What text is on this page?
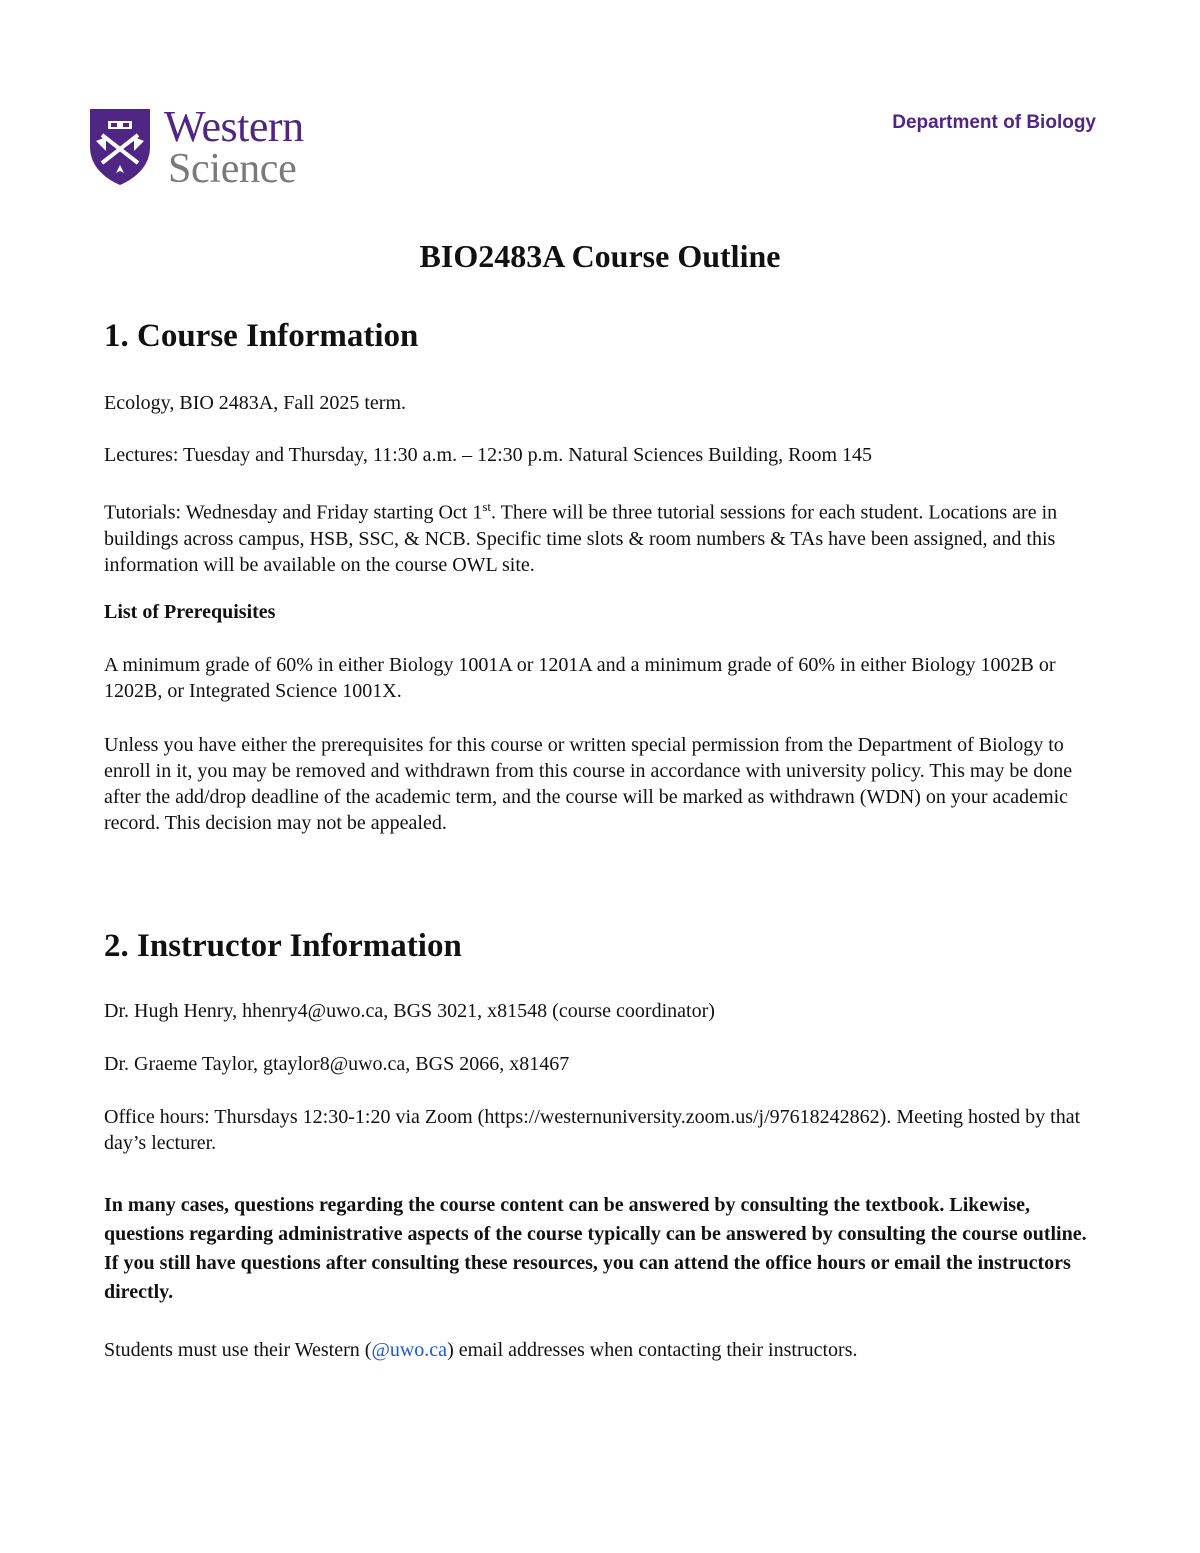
Western
Science
Department of Biology
BIO2483A Course Outline
1. Course Information

Ecology, BIO 2483A, Fall 2025 term.

Lectures: Tuesday and Thursday, 11:30 a.m. – 12:30 p.m. Natural Sciences Building, Room 145

Tutorials: Wednesday and Friday starting Oct 1st. There will be three tutorial sessions for each student. Locations are in buildings across campus, HSB, SSC, & NCB. Specific time slots & room numbers & TAs have been assigned, and this information will be available on the course OWL site.

List of Prerequisites

A minimum grade of 60% in either Biology 1001A or 1201A and a minimum grade of 60% in either Biology 1002B or 1202B, or Integrated Science 1001X.

Unless you have either the prerequisites for this course or written special permission from the Department of Biology to enroll in it, you may be removed and withdrawn from this course in accordance with university policy. This may be done after the add/drop deadline of the academic term, and the course will be marked as withdrawn (WDN) on your academic record. This decision may not be appealed.

2. Instructor Information

Dr. Hugh Henry, hhenry4@uwo.ca, BGS 3021, x81548 (course coordinator)

Dr. Graeme Taylor, gtaylor8@uwo.ca, BGS 2066, x81467

Office hours: Thursdays 12:30-1:20 via Zoom (https://westernuniversity.zoom.us/j/97618242862). Meeting hosted by that day’s lecturer.

In many cases, questions regarding the course content can be answered by consulting the textbook. Likewise, questions regarding administrative aspects of the course typically can be answered by consulting the course outline. If you still have questions after consulting these resources, you can attend the office hours or email the instructors directly.

Students must use their Western (@uwo.ca) email addresses when contacting their instructors.
